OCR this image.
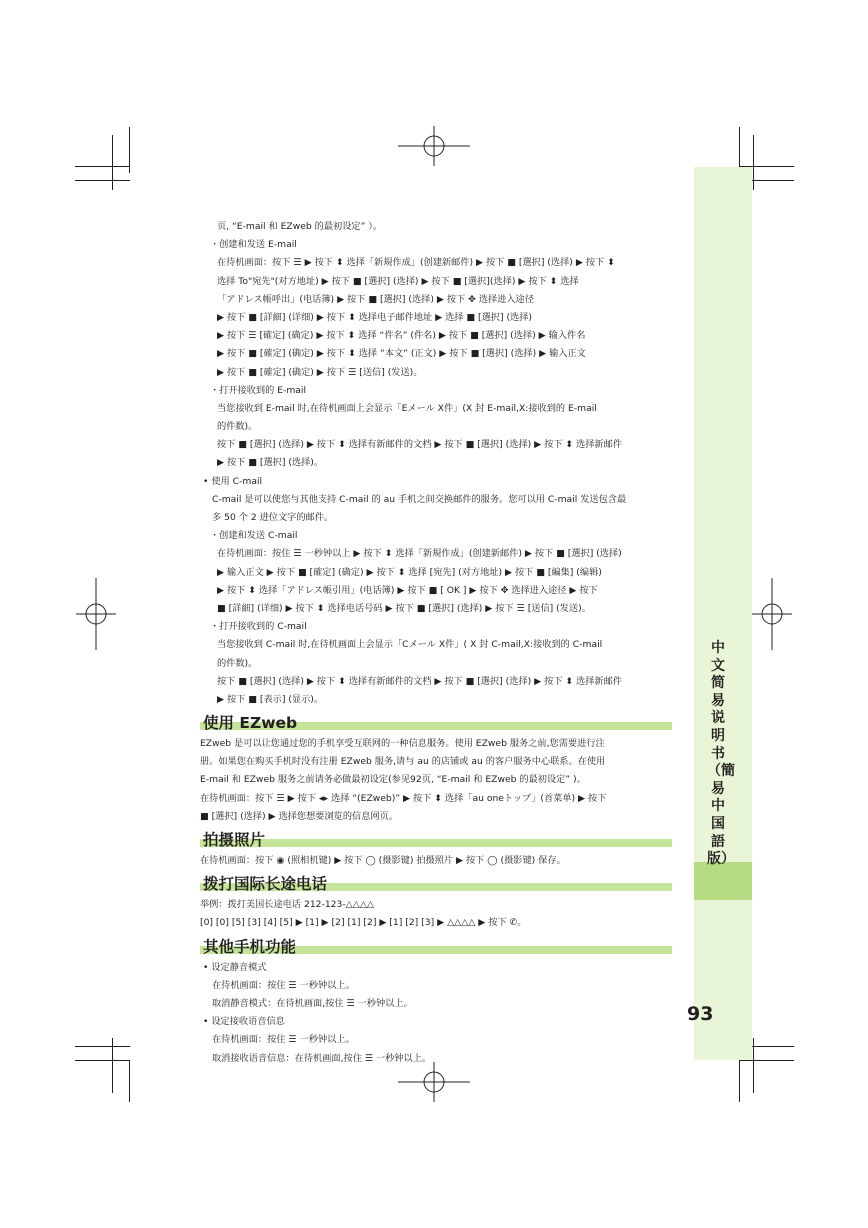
中文简易说明书（簡易中国語版）
93
页, “E-mail 和 EZweb 的最初设定” ）。
・创建和发送 E-mail
在待机画面：按下 ☰ ▶ 按下 ⬍ 选择「新規作成」(创建新邮件) ▶ 按下 ■ [選択] (选择) ▶ 按下 ⬍
选择 To"宛先"(对方地址) ▶ 按下 ■ [選択] (选择) ▶ 按下 ■ [選択](选择) ▶ 按下 ⬍ 选择
「アドレス帳呼出」(电话簿) ▶ 按下 ■ [選択] (选择) ▶ 按下 ✥ 选择进入途径
▶ 按下 ■ [詳細] (详细) ▶ 按下 ⬍ 选择电子邮件地址 ▶ 选择 ■ [選択] (选择)
▶ 按下 ☰ [確定] (确定) ▶ 按下 ⬍ 选择 “件名” (件名) ▶ 按下 ■ [選択] (选择) ▶ 输入件名
▶ 按下 ■ [確定] (确定) ▶ 按下 ⬍ 选择 “本文” (正文) ▶ 按下 ■ [選択] (选择) ▶ 输入正文
▶ 按下 ■ [確定] (确定) ▶ 按下 ☰ [送信] (发送)。
・打开接收到的 E-mail
当您接收到 E-mail 时,在待机画面上会显示「Eメール X件」(X 封 E-mail,X:接收到的 E-mail
的件数)。
按下 ■ [選択] (选择) ▶ 按下 ⬍ 选择有新邮件的文档 ▶ 按下 ■ [選択] (选择) ▶ 按下 ⬍ 选择新邮件
▶ 按下 ■ [選択] (选择)。
• 使用 C-mail
C-mail 是可以使您与其他支持 C-mail 的 au 手机之间交换邮件的服务。您可以用 C-mail 发送包含最
多 50 个 2 进位文字的邮件。
・创建和发送 C-mail
在待机画面：按住 ☰ 一秒钟以上 ▶ 按下 ⬍ 选择「新規作成」(创建新邮件) ▶ 按下 ■ [選択] (选择)
▶ 输入正文 ▶ 按下 ■ [確定] (确定) ▶ 按下 ⬍ 选择 [宛先] (对方地址) ▶ 按下 ■ [編集] (编辑)
▶ 按下 ⬍ 选择「アドレス帳引用」(电话簿) ▶ 按下 ■ [ OK ] ▶ 按下 ✥ 选择进入途径 ▶ 按下
■ [詳細] (详细) ▶ 按下 ⬍ 选择电话号码 ▶ 按下 ■ [選択] (选择) ▶ 按下 ☰ [送信] (发送)。
・打开接收到的 C-mail
当您接收到 C-mail 时,在待机画面上会显示「Cメール X件」( X 封 C-mail,X:接收到的 C-mail
的件数)。
按下 ■ [選択] (选择) ▶ 按下 ⬍ 选择有新邮件的文档 ▶ 按下 ■ [選択] (选择) ▶ 按下 ⬍ 选择新邮件
▶ 按下 ■ [表示] (显示)。
使用 EZweb
EZweb 是可以让您通过您的手机享受互联网的一种信息服务。使用 EZweb 服务之前,您需要进行注
册。如果您在购买手机时没有注册 EZweb 服务,请与 au 的店铺或 au 的客户服务中心联系。在使用
E-mail 和 EZweb 服务之前请务必做最初设定(参见92页, “E-mail 和 EZweb 的最初设定” )。
在待机画面：按下 ☰ ▶ 按下 ◂▸ 选择 “(EZweb)” ▶ 按下 ⬍ 选择「au oneトップ」(首菜单) ▶ 按下
■ [選択] (选择) ▶ 选择您想要浏览的信息网页。
拍摄照片
在待机画面：按下 ◉ (照相机键) ▶ 按下 ◯ (摄影键) 拍摄照片 ▶ 按下 ◯ (摄影键) 保存。
拨打国际长途电话
举例：拨打美国长途电话 212-123-△△△△
[0] [0] [5] [3] [4] [5] ▶ [1] ▶ [2] [1] [2] ▶ [1] [2] [3] ▶ △△△△ ▶ 按下 ✆。
其他手机功能
• 设定静音模式
在待机画面：按住 ☰ 一秒钟以上。
取消静音模式：在待机画面,按住 ☰ 一秒钟以上。
• 设定接收语音信息
在待机画面：按住 ☰ 一秒钟以上。
取消接收语音信息：在待机画面,按住 ☰ 一秒钟以上。
